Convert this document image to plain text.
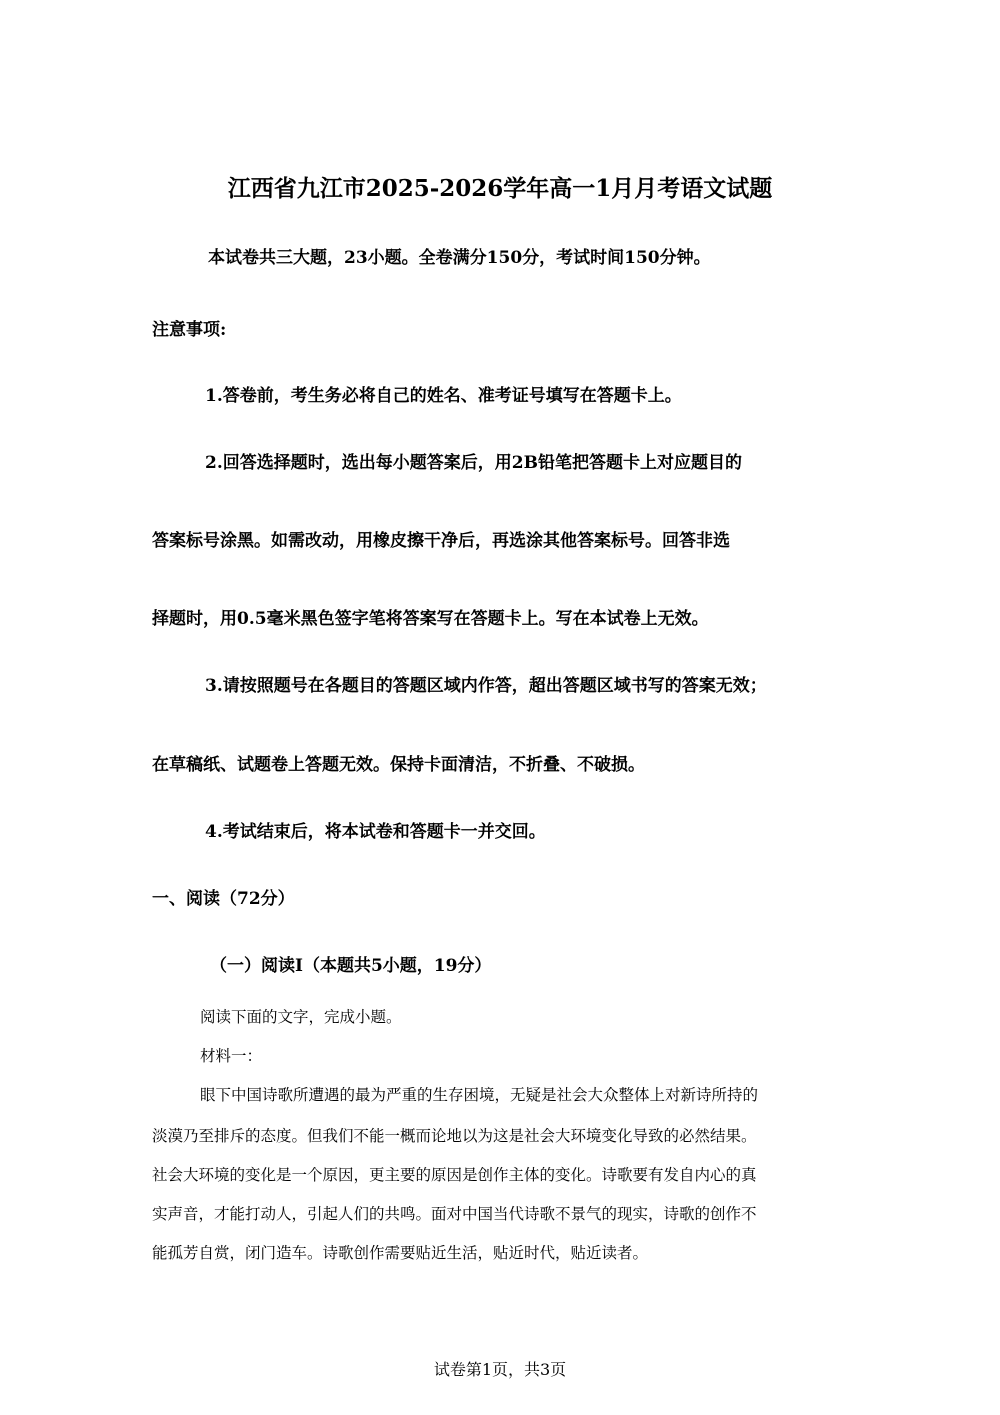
江西省九江市2025-2026学年高一1月月考语文试题
本试卷共三大题，23小题。全卷满分150分，考试时间150分钟。
注意事项:
1.答卷前，考生务必将自己的姓名、准考证号填写在答题卡上。
2.回答选择题时，选出每小题答案后，用2B铅笔把答题卡上对应题目的
答案标号涂黑。如需改动，用橡皮擦干净后，再选涂其他答案标号。回答非选
择题时，用0.5毫米黑色签字笔将答案写在答题卡上。写在本试卷上无效。
3.请按照题号在各题目的答题区域内作答，超出答题区域书写的答案无效；
在草稿纸、试题卷上答题无效。保持卡面清洁，不折叠、不破损。
4.考试结束后，将本试卷和答题卡一并交回。
一、阅读（72分）
（一）阅读I（本题共5小题，19分）
阅读下面的文字，完成小题。
材料一：
眼下中国诗歌所遭遇的最为严重的生存困境，无疑是社会大众整体上对新诗所持的
淡漠乃至排斥的态度。但我们不能一概而论地以为这是社会大环境变化导致的必然结果。
社会大环境的变化是一个原因，更主要的原因是创作主体的变化。诗歌要有发自内心的真
实声音，才能打动人，引起人们的共鸣。面对中国当代诗歌不景气的现实，诗歌的创作不
能孤芳自赏，闭门造车。诗歌创作需要贴近生活，贴近时代，贴近读者。
试卷第1页，共3页
